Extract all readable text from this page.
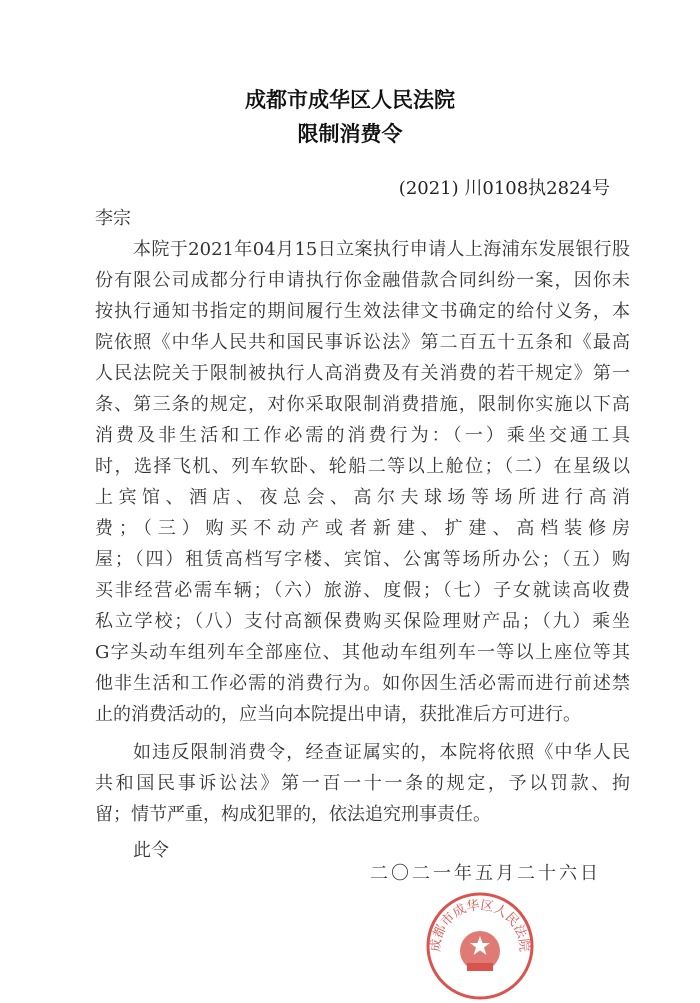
成都市成华区人民法院
限制消费令
(2021) 川0108执2824号
李宗
本院于2021年04月15日立案执行申请人上海浦东发展银行股
份有限公司成都分行申请执行你金融借款合同纠纷一案，因你未
按执行通知书指定的期间履行生效法律文书确定的给付义务，本
院依照《中华人民共和国民事诉讼法》第二百五十五条和《最高
人民法院关于限制被执行人高消费及有关消费的若干规定》第一
条、第三条的规定，对你采取限制消费措施，限制你实施以下高
消费及非生活和工作必需的消费行为：（一）乘坐交通工具
时，选择飞机、列车软卧、轮船二等以上舱位；（二）在星级以
上宾馆、酒店、夜总会、高尔夫球场等场所进行高消
费；（三）购买不动产或者新建、扩建、高档装修房
屋；（四）租赁高档写字楼、宾馆、公寓等场所办公；（五）购
买非经营必需车辆；（六）旅游、度假；（七）子女就读高收费
私立学校；（八）支付高额保费购买保险理财产品；（九）乘坐
G字头动车组列车全部座位、其他动车组列车一等以上座位等其
他非生活和工作必需的消费行为。如你因生活必需而进行前述禁
止的消费活动的，应当向本院提出申请，获批准后方可进行。
如违反限制消费令，经查证属实的，本院将依照《中华人民
共和国民事诉讼法》第一百一十一条的规定，予以罚款、拘
留；情节严重，构成犯罪的，依法追究刑事责任。
此令
二〇二一年五月二十六日
成都市成华区人民法院
